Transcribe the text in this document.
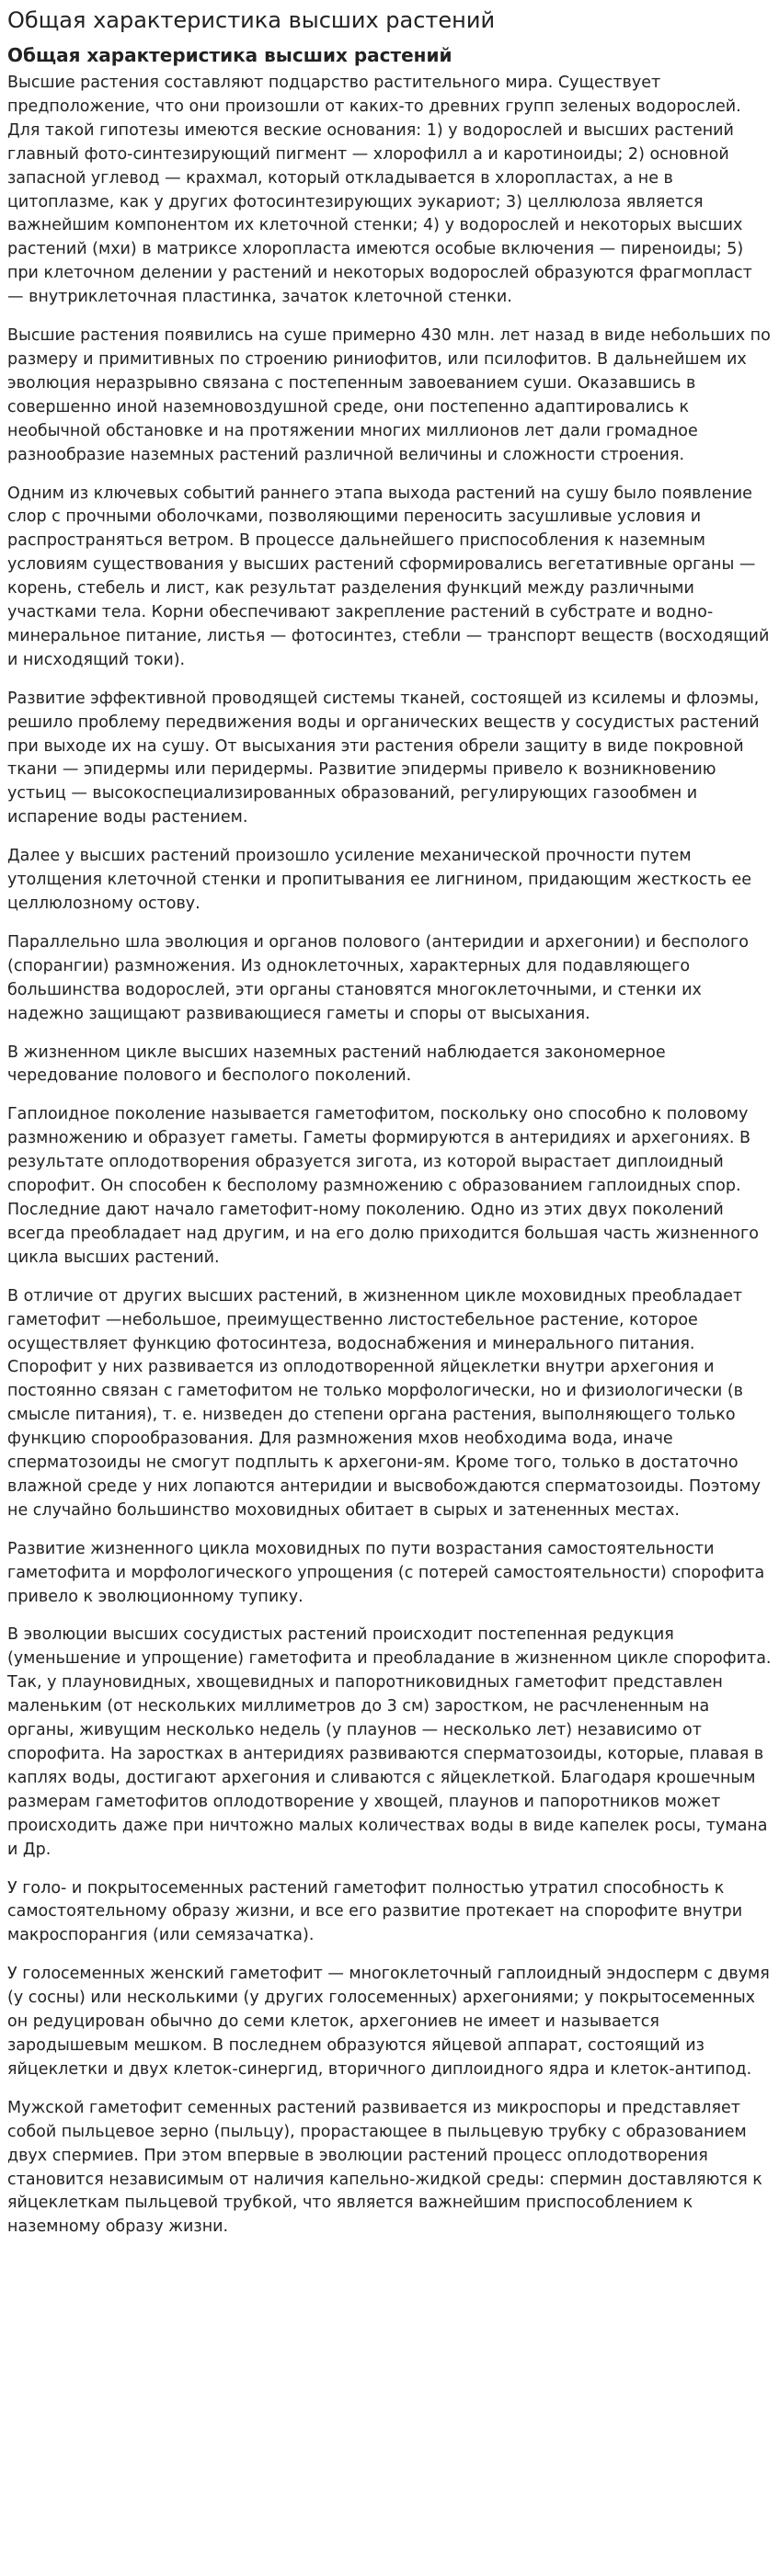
Общая характеристика высших растений
Общая характеристика высших растений

Высшие растения составляют подцарство растительного мира. Существует предположение, что они произошли от каких-то древних групп зеленых водорослей. Для такой гипотезы имеются веские основания: 1) у водорослей и высших растений главный фото-синтезирующий пигмент — хлорофилл a и каротиноиды; 2) основной запасной углевод — крахмал, который откладывается в хлоропластах, а не в цитоплазме, как у других фотосинтезирующих эукариот; 3) целлюлоза является важнейшим компонентом их клеточной стенки; 4) у водорослей и некоторых высших растений (мхи) в матриксе хлоропласта имеются особые включения — пиреноиды; 5) при клеточном делении у растений и некоторых водорослей образуются фрагмопласт — внутриклеточная пластинка, зачаток клеточной стенки.

Высшие растения появились на суше примерно 430 млн. лет назад в виде небольших по размеру и примитивных по строению риниофитов, или псилофитов. В дальнейшем их эволюция неразрывно связана с постепенным завоеванием суши. Оказавшись в совершенно иной наземновоздушной среде, они постепенно адаптировались к необычной обстановке и на протяжении многих миллионов лет дали громадное разнообразие наземных растений различной величины и сложности строения.

Одним из ключевых событий раннего этапа выхода растений на сушу было появление слор с прочными оболочками, позволяющими переносить засушливые условия и распространяться ветром. В процессе дальнейшего приспособления к наземным условиям существования у высших растений сформировались вегетативные органы — корень, стебель и лист, как результат разделения функций между различными участками тела. Корни обеспечивают закрепление растений в субстрате и водно-минеральное питание, листья — фотосинтез, стебли — транспорт веществ (восходящий и нисходящий токи).

Развитие эффективной проводящей системы тканей, состоящей из ксилемы и флоэмы, решило проблему передвижения воды и органических веществ у сосудистых растений при выходе их на сушу. От высыхания эти растения обрели защиту в виде покровной ткани — эпидермы или перидермы. Развитие эпидермы привело к возникновению устьиц — высокоспециализированных образований, регулирующих газообмен и испарение воды растением.

Далее у высших растений произошло усиление механической прочности путем утолщения клеточной стенки и пропитывания ее лигнином, придающим жесткость ее целлюлозному остову.

Параллельно шла эволюция и органов полового (антеридии и архегонии) и бесполого (спорангии) размножения. Из одноклеточных, характерных для подавляющего большинства водорослей, эти органы становятся многоклеточными, и стенки их надежно защищают развивающиеся гаметы и споры от высыхания.

В жизненном цикле высших наземных растений наблюдается закономерное чередование полового и бесполого поколений.

Гаплоидное поколение называется гаметофитом, поскольку оно способно к половому размножению и образует гаметы. Гаметы формируются в антеридиях и архегониях. В результате оплодотворения образуется зигота, из которой вырастает диплоидный спорофит. Он способен к бесполому размножению с образованием гаплоидных спор. Последние дают начало гаметофит-ному поколению. Одно из этих двух поколений всегда преобладает над другим, и на его долю приходится большая часть жизненного цикла высших растений.

В отличие от других высших растений, в жизненном цикле моховидных преобладает гаметофит —небольшое, преимущественно листостебельное растение, которое осуществляет функцию фотосинтеза, водоснабжения и минерального питания. Спорофит у них развивается из оплодотворенной яйцеклетки внутри архегония и постоянно связан с гаметофитом не только морфологически, но и физиологически (в смысле питания), т. е. низведен до степени органа растения, выполняющего только функцию спорообразования. Для размножения мхов необходима вода, иначе сперматозоиды не смогут подплыть к архегони-ям. Кроме того, только в достаточно влажной среде у них лопаются антеридии и высвобождаются сперматозоиды. Поэтому не случайно большинство моховидных обитает в сырых и затененных местах.

Развитие жизненного цикла моховидных по пути возрастания самостоятельности гаметофита и морфологического упрощения (с потерей самостоятельности) спорофита привело к эволюционному тупику.

В эволюции высших сосудистых растений происходит постепенная редукция (уменьшение и упрощение) гаметофита и преобладание в жизненном цикле спорофита. Так, у плауновидных, хвощевидных и папоротниковидных гаметофит представлен маленьким (от нескольких миллиметров до 3 см) заростком, не расчлененным на органы, живущим несколько недель (у плаунов — несколько лет) независимо от спорофита. На заростках в антеридиях развиваются сперматозоиды, которые, плавая в каплях воды, достигают архегония и сливаются с яйцеклеткой. Благодаря крошечным размерам гаметофитов оплодотворение у хвощей, плаунов и папоротников может происходить даже при ничтожно малых количествах воды в виде капелек росы, тумана и Др.

У голо- и покрытосеменных растений гаметофит полностью утратил способность к самостоятельному образу жизни, и все его развитие протекает на спорофите внутри макроспорангия (или семязачатка).

У голосеменных женский гаметофит — многоклеточный гаплоидный эндосперм с двумя (у сосны) или несколькими (у других голосеменных) архегониями; у покрытосеменных он редуцирован обычно до семи клеток, архегониев не имеет и называется зародышевым мешком. В последнем образуются яйцевой аппарат, состоящий из яйцеклетки и двух клеток-синергид, вторичного диплоидного ядра и клеток-антипод.

Мужской гаметофит семенных растений развивается из микроспоры и представляет собой пыльцевое зерно (пыльцу), прорастающее в пыльцевую трубку с образованием двух спермиев. При этом впервые в эволюции растений процесс оплодотворения становится независимым от наличия капельно-жидкой среды: спермин доставляются к яйцеклеткам пыльцевой трубкой, что является важнейшим приспособлением к наземному образу жизни.
